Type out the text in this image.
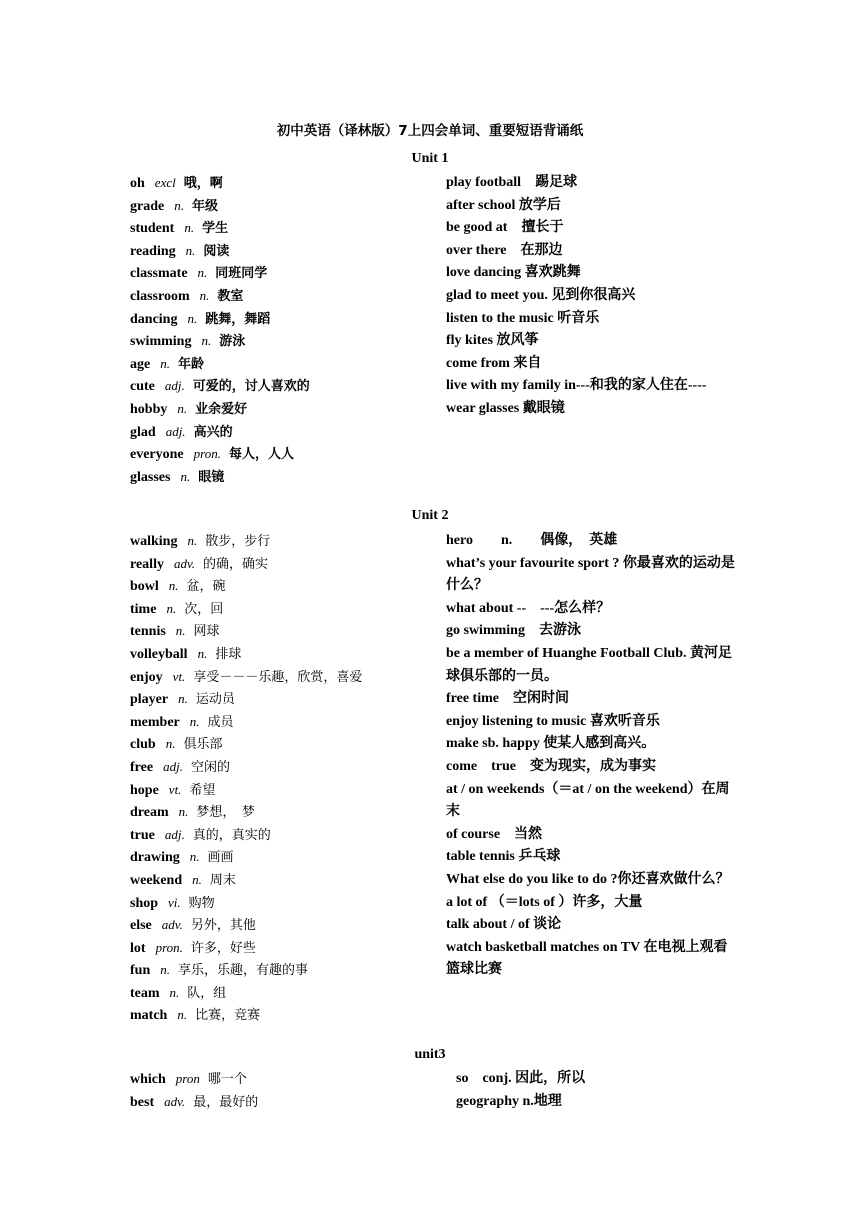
初中英语（译林版）7上四会单词、重要短语背诵纸
Unit 1
oh excl 哦，啊
grade n. 年级
student n. 学生
reading n. 阅读
classmate n. 同班同学
classroom n. 教室
dancing n. 跳舞，舞蹈
swimming n. 游泳
age n. 年龄
cute adj. 可爱的，讨人喜欢的
hobby n. 业余爱好
glad adj. 高兴的
everyone pron. 每人，人人
glasses n. 眼镜
play football　踢足球
after school 放学后
be good at　擅长于
over there　在那边
love dancing 喜欢跳舞
glad to meet you. 见到你很高兴
listen to the music 听音乐
fly kites 放风筝
come from 来自
live with my family in---和我的家人住在----
wear glasses 戴眼镜
Unit 2
walking n. 散步，步行
really adv. 的确，确实
bowl n. 盆，碗
time n. 次，回
tennis n. 网球
volleyball n. 排球
enjoy vt. 享受－－－乐趣，欣赏，喜爱
player n. 运动员
member n. 成员
club n. 俱乐部
free adj. 空闲的
hope vt. 希望
dream n. 梦想，　梦
true adj. 真的，真实的
drawing n. 画画
weekend n. 周末
shop vi. 购物
else adv. 另外，其他
lot pron. 许多，好些
fun n. 享乐，乐趣，有趣的事
team n. 队，组
match n. 比赛，竞赛
hero　　n.　　偶像，　英雄
what’s your favourite sport ? 你最喜欢的运动是什么？
what about --　---怎么样？
go swimming　去游泳
be a member of Huanghe Football Club. 黄河足球俱乐部的一员。
free time　空闲时间
enjoy listening to music 喜欢听音乐
make sb. happy 使某人感到高兴。
come　true　变为现实，成为事实
at / on weekends（＝at / on the weekend）在周末
of course　当然
table tennis 乒乓球
What else do you like to do ?你还喜欢做什么？
a lot of （＝lots of ）许多，大量
talk about / of 谈论
watch basketball matches on TV 在电视上观看篮球比赛
unit3
which pron 哪一个
best adv. 最，最好的
so　conj. 因此，所以
geography n.地理
